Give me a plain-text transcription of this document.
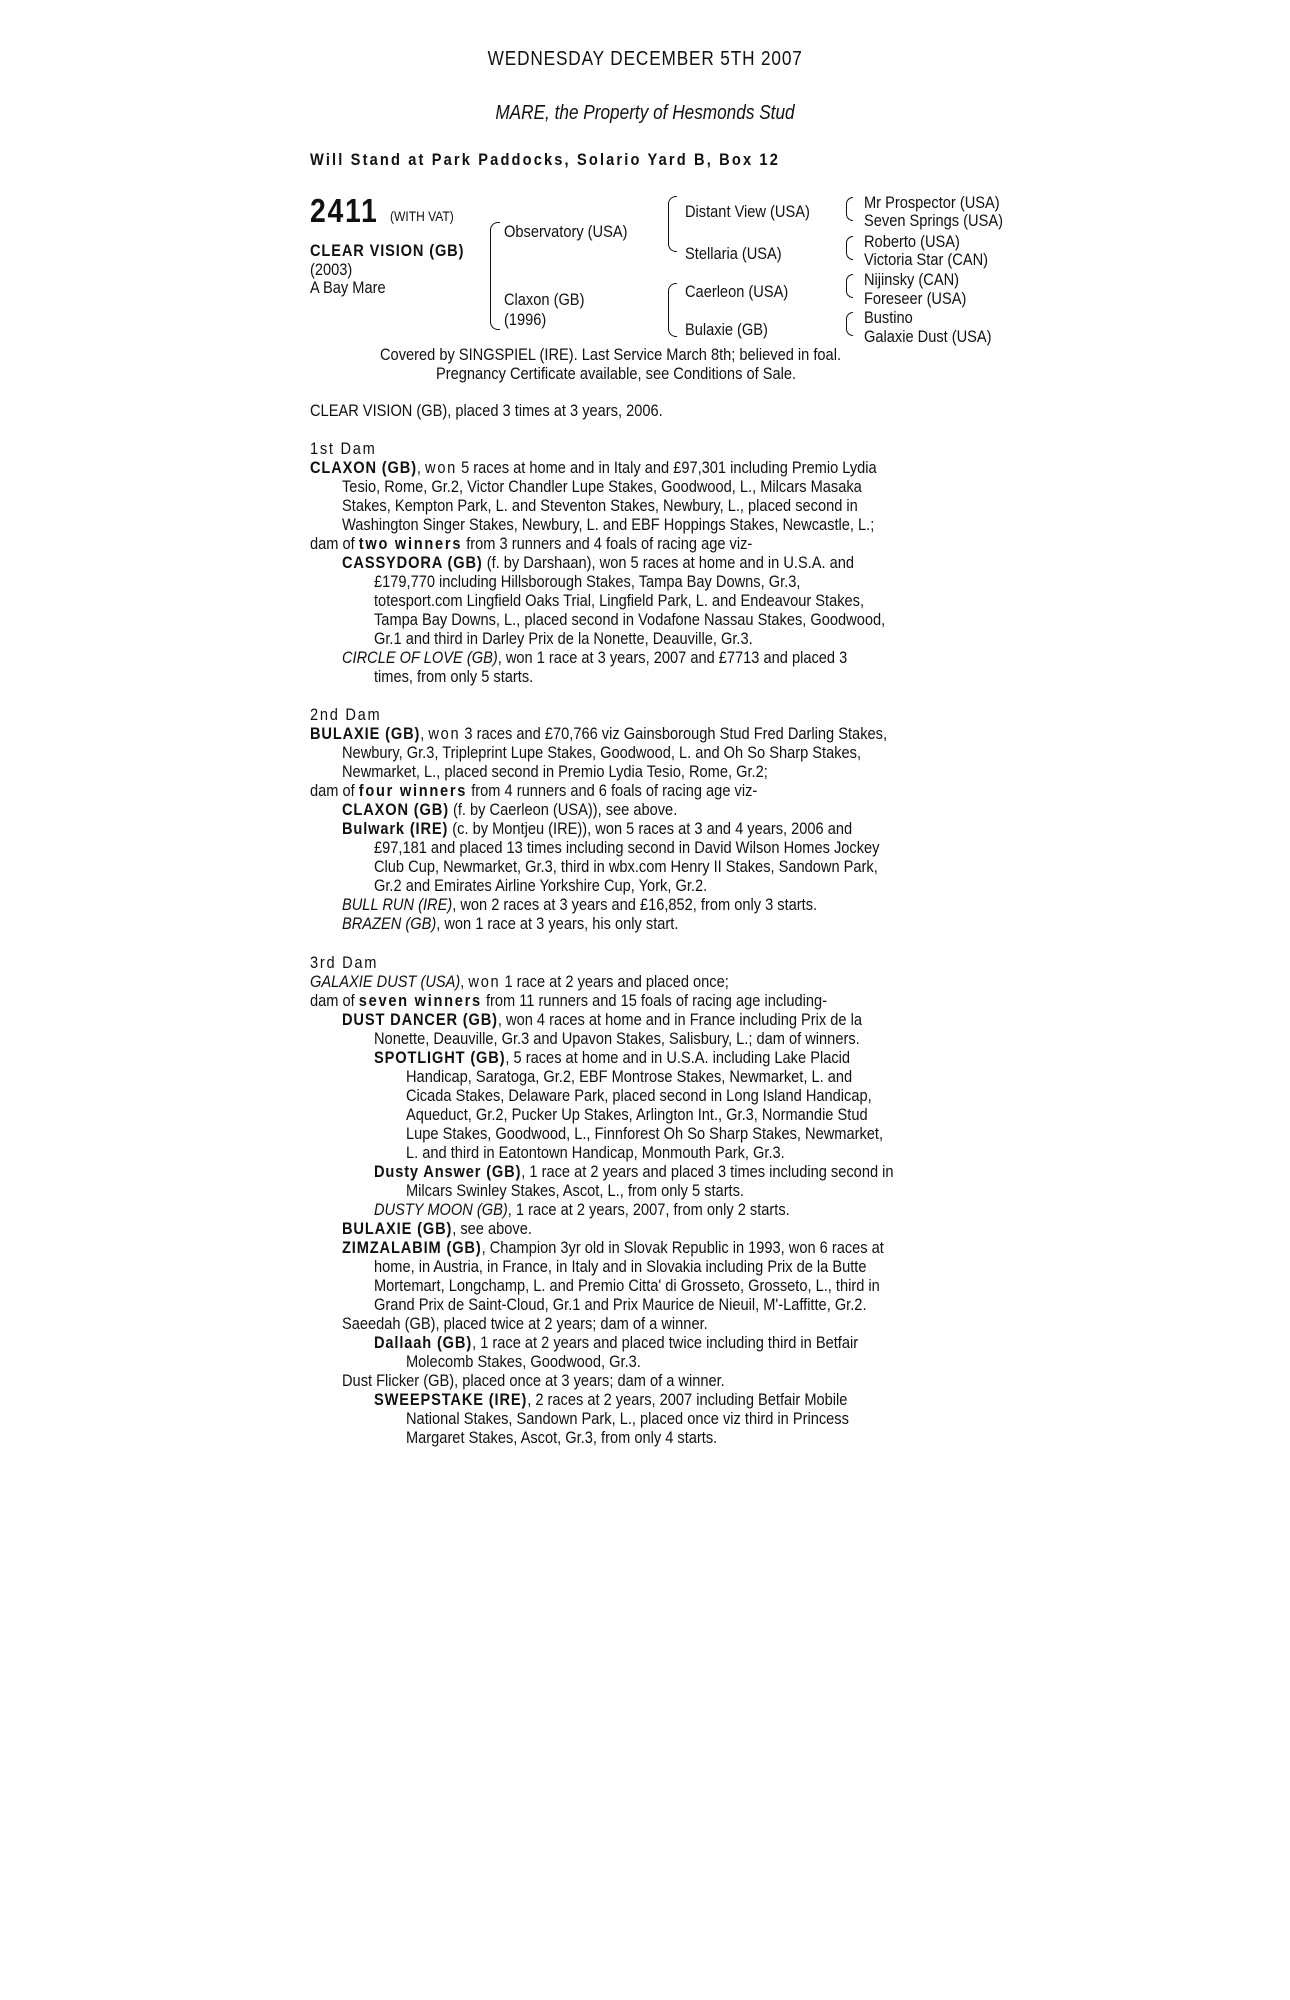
WEDNESDAY DECEMBER 5TH 2007
MARE, the Property of Hesmonds Stud
Will Stand at Park Paddocks, Solario Yard B, Box 12
2411 (WITH VAT)
CLEAR VISION (GB)
(2003)
A Bay Mare
Observatory (USA)
Claxon (GB)
(1996)
Distant View (USA)
Stellaria (USA)
Caerleon (USA)
Bulaxie (GB)
Mr Prospector (USA)
Seven Springs (USA)
Roberto (USA)
Victoria Star (CAN)
Nijinsky (CAN)
Foreseer (USA)
Bustino
Galaxie Dust (USA)
Covered by SINGSPIEL (IRE). Last Service March 8th; believed in foal.
Pregnancy Certificate available, see Conditions of Sale.
CLEAR VISION (GB), placed 3 times at 3 years, 2006.
1st Dam
CLAXON (GB), won 5 races at home and in Italy and £97,301 including Premio Lydia
Tesio, Rome, Gr.2, Victor Chandler Lupe Stakes, Goodwood, L., Milcars Masaka
Stakes, Kempton Park, L. and Steventon Stakes, Newbury, L., placed second in
Washington Singer Stakes, Newbury, L. and EBF Hoppings Stakes, Newcastle, L.;
dam of two winners from 3 runners and 4 foals of racing age viz-
CASSYDORA (GB) (f. by Darshaan), won 5 races at home and in U.S.A. and
£179,770 including Hillsborough Stakes, Tampa Bay Downs, Gr.3,
totesport.com Lingfield Oaks Trial, Lingfield Park, L. and Endeavour Stakes,
Tampa Bay Downs, L., placed second in Vodafone Nassau Stakes, Goodwood,
Gr.1 and third in Darley Prix de la Nonette, Deauville, Gr.3.
CIRCLE OF LOVE (GB), won 1 race at 3 years, 2007 and £7713 and placed 3
times, from only 5 starts.
2nd Dam
BULAXIE (GB), won 3 races and £70,766 viz Gainsborough Stud Fred Darling Stakes,
Newbury, Gr.3, Tripleprint Lupe Stakes, Goodwood, L. and Oh So Sharp Stakes,
Newmarket, L., placed second in Premio Lydia Tesio, Rome, Gr.2;
dam of four winners from 4 runners and 6 foals of racing age viz-
CLAXON (GB) (f. by Caerleon (USA)), see above.
Bulwark (IRE) (c. by Montjeu (IRE)), won 5 races at 3 and 4 years, 2006 and
£97,181 and placed 13 times including second in David Wilson Homes Jockey
Club Cup, Newmarket, Gr.3, third in wbx.com Henry II Stakes, Sandown Park,
Gr.2 and Emirates Airline Yorkshire Cup, York, Gr.2.
BULL RUN (IRE), won 2 races at 3 years and £16,852, from only 3 starts.
BRAZEN (GB), won 1 race at 3 years, his only start.
3rd Dam
GALAXIE DUST (USA), won 1 race at 2 years and placed once;
dam of seven winners from 11 runners and 15 foals of racing age including-
DUST DANCER (GB), won 4 races at home and in France including Prix de la
Nonette, Deauville, Gr.3 and Upavon Stakes, Salisbury, L.; dam of winners.
SPOTLIGHT (GB), 5 races at home and in U.S.A. including Lake Placid
Handicap, Saratoga, Gr.2, EBF Montrose Stakes, Newmarket, L. and
Cicada Stakes, Delaware Park, placed second in Long Island Handicap,
Aqueduct, Gr.2, Pucker Up Stakes, Arlington Int., Gr.3, Normandie Stud
Lupe Stakes, Goodwood, L., Finnforest Oh So Sharp Stakes, Newmarket,
L. and third in Eatontown Handicap, Monmouth Park, Gr.3.
Dusty Answer (GB), 1 race at 2 years and placed 3 times including second in
Milcars Swinley Stakes, Ascot, L., from only 5 starts.
DUSTY MOON (GB), 1 race at 2 years, 2007, from only 2 starts.
BULAXIE (GB), see above.
ZIMZALABIM (GB), Champion 3yr old in Slovak Republic in 1993, won 6 races at
home, in Austria, in France, in Italy and in Slovakia including Prix de la Butte
Mortemart, Longchamp, L. and Premio Citta' di Grosseto, Grosseto, L., third in
Grand Prix de Saint-Cloud, Gr.1 and Prix Maurice de Nieuil, M'-Laffitte, Gr.2.
Saeedah (GB), placed twice at 2 years; dam of a winner.
Dallaah (GB), 1 race at 2 years and placed twice including third in Betfair
Molecomb Stakes, Goodwood, Gr.3.
Dust Flicker (GB), placed once at 3 years; dam of a winner.
SWEEPSTAKE (IRE), 2 races at 2 years, 2007 including Betfair Mobile
National Stakes, Sandown Park, L., placed once viz third in Princess
Margaret Stakes, Ascot, Gr.3, from only 4 starts.
